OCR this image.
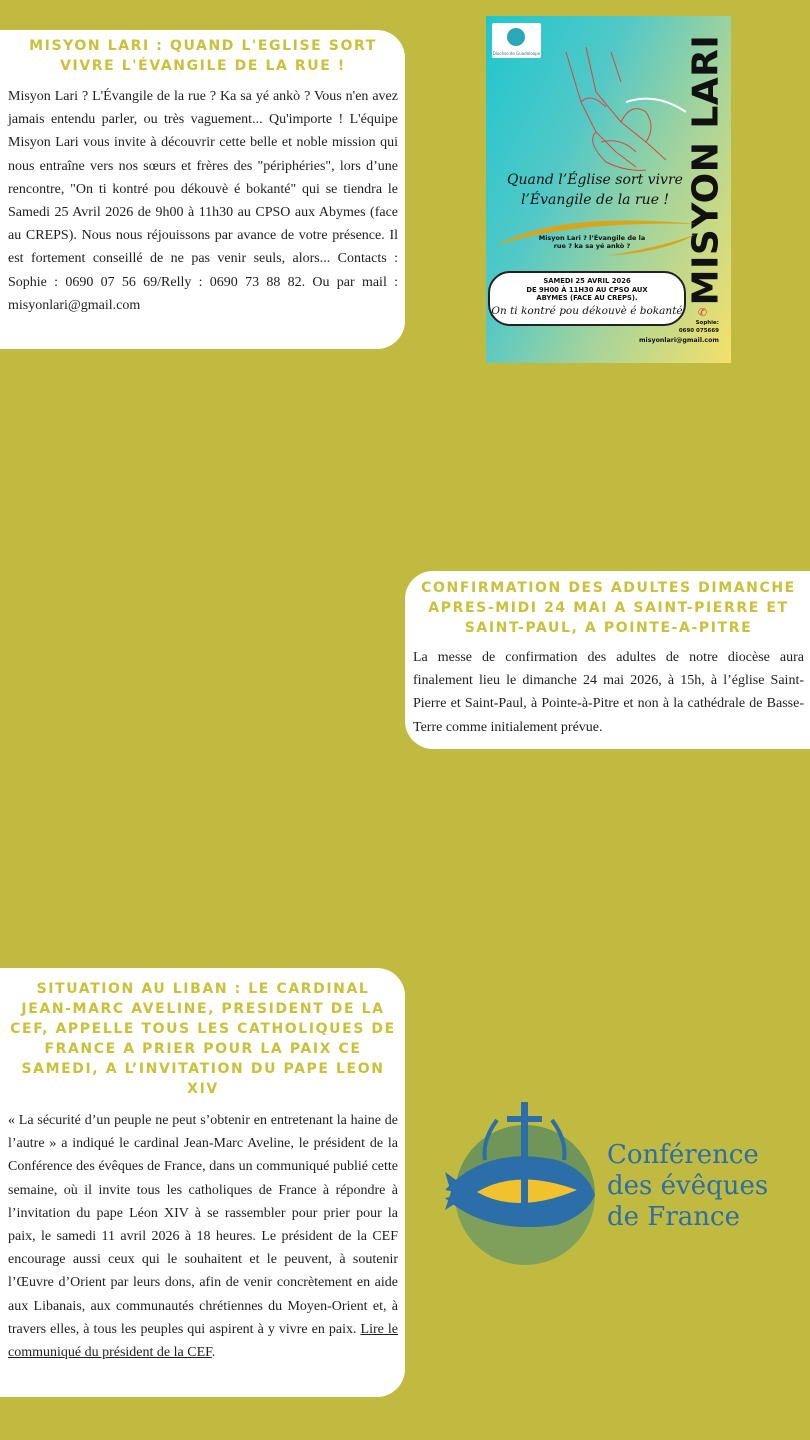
MISYON LARI : QUAND L'EGLISE SORT VIVRE L'ÉVANGILE DE LA RUE !

Misyon Lari ? L'Évangile de la rue ? Ka sa yé ankò ? Vous n'en avez jamais entendu parler, ou très vaguement... Qu'importe ! L'équipe Misyon Lari vous invite à découvrir cette belle et noble mission qui nous entraîne vers nos sœurs et frères des "périphéries", lors d’une rencontre, "On ti kontré pou dékouvè é bokanté" qui se tiendra le Samedi 25 Avril 2026 de 9h00 à 11h30 au CPSO aux Abymes (face au CREPS). Nous nous réjouissons par avance de votre présence. Il est fortement conseillé de ne pas venir seuls, alors... Contacts : Sophie : 0690 07 56 69/Relly : 0690 73 88 82. Ou par mail : misyonlari@gmail.com

Diocèse de Guadeloupe	MISYON LARI
Quand l’Église sort vivre l’Évangile de la rue !
Misyon Lari ? l’Évangile de la rue ? ka sa yé ankò ?
SAMEDI 25 AVRIL 2026
DE 9H00 À 11H30 AU CPSO AUX
ABYMES (FACE AU CREPS).
On ti kontré pou dékouvè é bokanté ✆
Sophie:
0690 075669
misyonlari@gmail.com
CONFIRMATION DES ADULTES DIMANCHE APRES-MIDI 24 MAI A SAINT-PIERRE ET SAINT-PAUL, A POINTE-A-PITRE

La messe de confirmation des adultes de notre diocèse aura finalement lieu le dimanche 24 mai 2026, à 15h, à l’église Saint-Pierre et Saint-Paul, à Pointe-à-Pitre et non à la cathédrale de Basse-Terre comme initialement prévue.

SITUATION AU LIBAN : LE CARDINAL JEAN-MARC AVELINE, PRESIDENT DE LA CEF, APPELLE TOUS LES CATHOLIQUES DE FRANCE A PRIER POUR LA PAIX CE SAMEDI, A L’INVITATION DU PAPE LEON XIV

« La sécurité d’un peuple ne peut s’obtenir en entretenant la haine de l’autre » a indiqué le cardinal Jean-Marc Aveline, le président de la Conférence des évêques de France, dans un communiqué publié cette semaine, où il invite tous les catholiques de France à répondre à l’invitation du pape Léon XIV à se rassembler pour prier pour la paix, le samedi 11 avril 2026 à 18 heures. Le président de la CEF encourage aussi ceux qui le souhaitent et le peuvent, à soutenir l’Œuvre d’Orient par leurs dons, afin de venir concrètement en aide aux Libanais, aux communautés chrétiennes du Moyen-Orient et, à travers elles, à tous les peuples qui aspirent à y vivre en paix. Lire le communiqué du président de la CEF.

Conférence
des évêques
de France
